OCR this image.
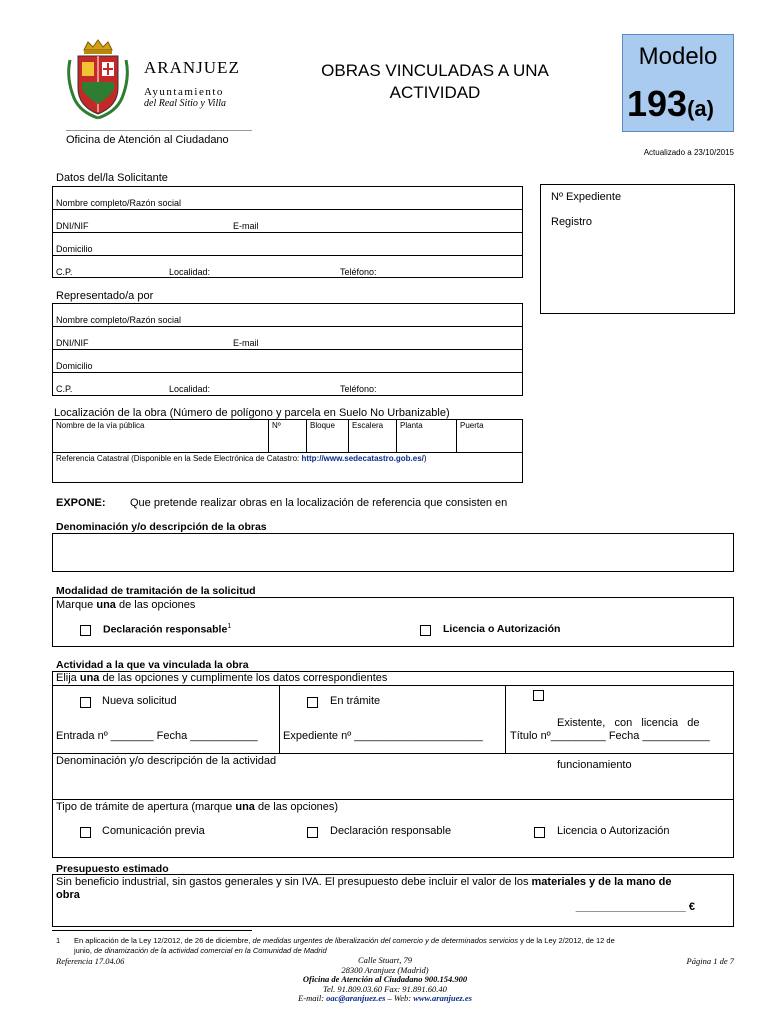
ARANJUEZ
Ayuntamiento
del Real Sitio y Villa
OBRAS VINCULADAS A UNA
ACTIVIDAD
Modelo
193(a)
Oficina de Atención al Ciudadano
Actualizado a 23/10/2015
Datos del/la Solicitante
Nombre completo/Razón social
DNI/NIF	E-mail
Domicilio
C.P.	Localidad:	Teléfono:
Nº Expediente
Registro
Representado/a por
Nombre completo/Razón social
DNI/NIF	E-mail
Domicilio
C.P.	Localidad:	Teléfono:
Localización de la obra (Número de polígono y parcela en Suelo No Urbanizable)
Nombre de la vía pública	Nº	Bloque Escalera Planta	Puerta
Referencia Catastral (Disponible en la Sede Electrónica de Catastro: http://www.sedecatastro.gob.es/)
EXPONE: Que pretende realizar obras en la localización de referencia que consisten en
Denominación y/o descripción de la obras
Modalidad de tramitación de la solicitud
Marque una de las opciones
Declaración responsable$^1$	Licencia o Autorización
Actividad a la que va vinculada la obra
Elija una de las opciones y cumplimente los datos correspondientes
Nueva solicitud	En trámite

Existente,   con   licencia   de

funcionamiento

Entrada nº _______ Fecha ___________ Expediente nº _____________________ Título nº_________ Fecha ___________
Denominación y/o descripción de la actividad
Tipo de trámite de apertura (marque una de las opciones)
Comunicación previa	Declaración responsable	Licencia o Autorización
Presupuesto estimado
Sin beneficio industrial, sin gastos generales y sin IVA. El presupuesto debe incluir el valor de los materiales y de la mano de
obra
__________________ €
1 En aplicación de la Ley 12/2012, de 26 de diciembre, de medidas urgentes de liberalización del comercio y de determinados servicios y de la Ley 2/2012, de 12 de
junio, de dinamización de la actividad comercial en la Comunidad de Madrid
Referencia 17.04.06	Página 1 de 7
Calle Stuart, 79
28300 Aranjuez (Madrid)
Oficina de Atención al Ciudadano 900.154.900
Tel. 91.809.03.60 Fax: 91.891.60.40
E-mail: oac@aranjuez.es – Web: www.aranjuez.es
